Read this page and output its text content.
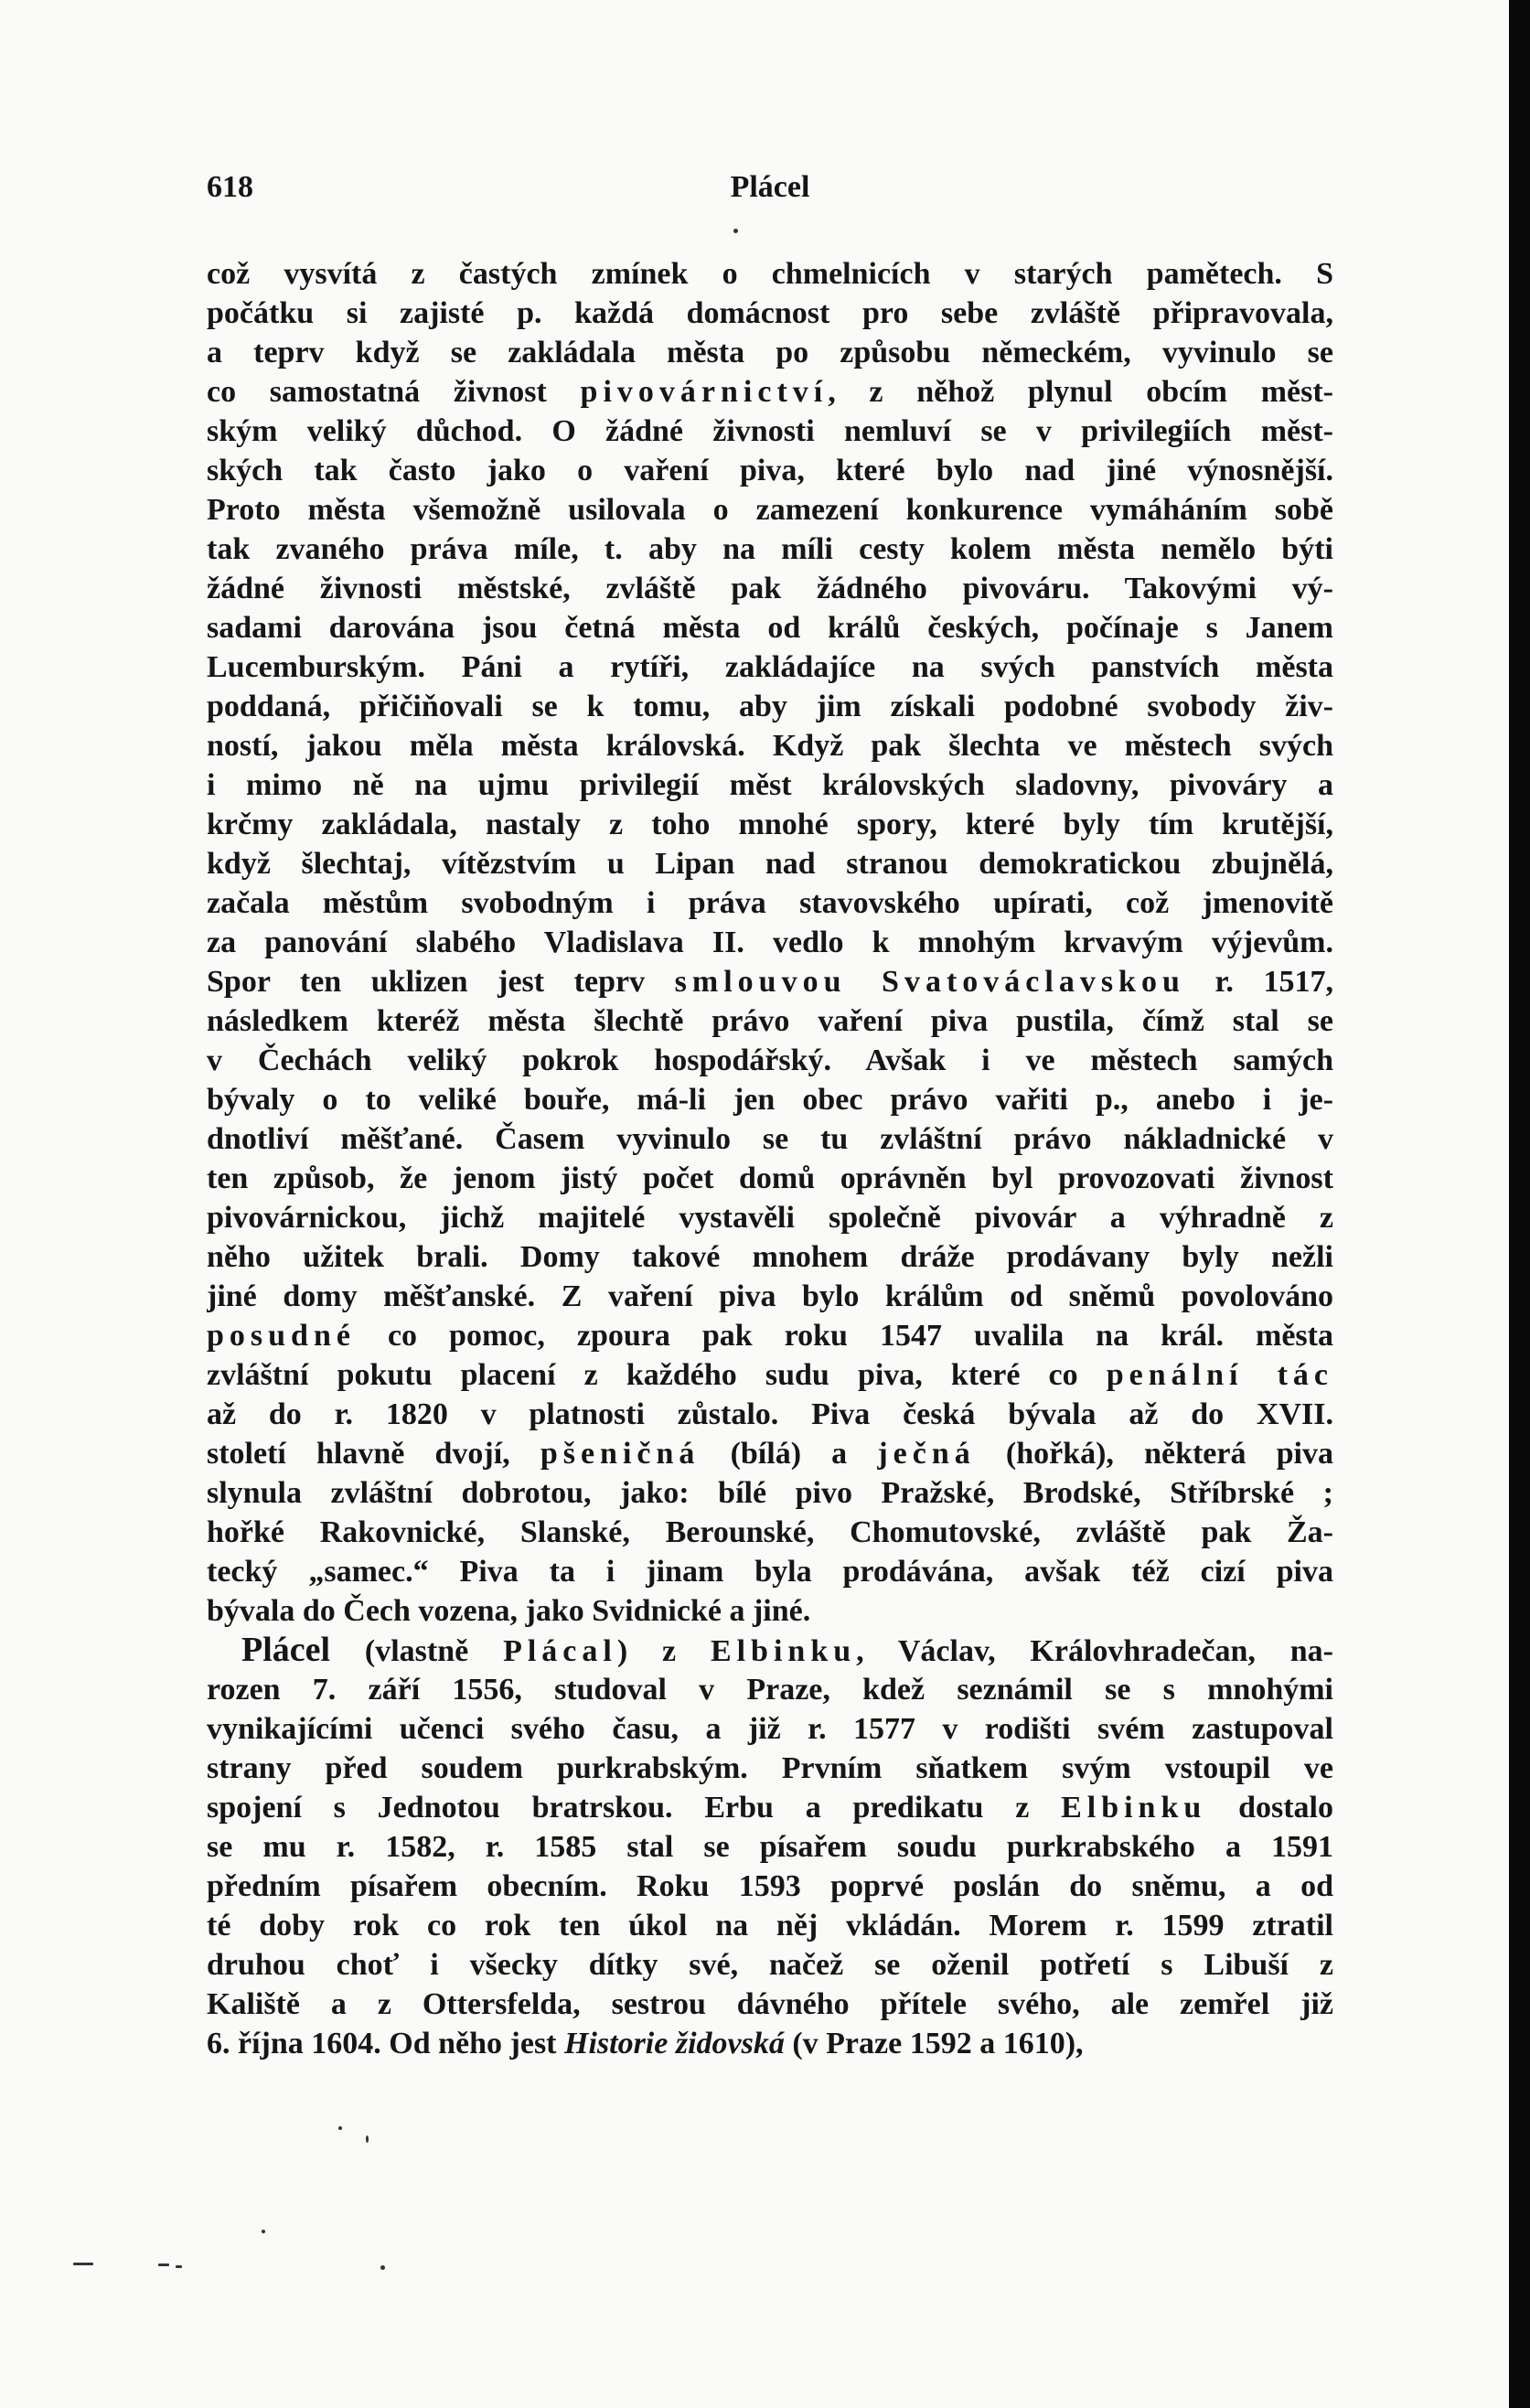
618	Plácel
což vysvítá z častých zmínek o chmelnicích v starých pamětech. S
počátku si zajisté p. každá domácnost pro sebe zvláště připravovala,
a teprv když se zakládala města po způsobu německém, vyvinulo se
co samostatná živnost pivovárnictví, z něhož plynul obcím měst-
ským veliký důchod. O žádné živnosti nemluví se v privilegiích měst-
ských tak často jako o vaření piva, které bylo nad jiné výnosnější.
Proto města všemožně usilovala o zamezení konkurence vymáháním sobě
tak zvaného práva míle, t. aby na míli cesty kolem města nemělo býti
žádné živnosti městské, zvláště pak žádného pivováru. Takovými vý-
sadami darována jsou četná města od králů českých, počínaje s Janem
Lucemburským. Páni a rytíři, zakládajíce na svých panstvích města
poddaná, přičiňovali se k tomu, aby jim získali podobné svobody živ-
ností, jakou měla města královská. Když pak šlechta ve městech svých
i mimo ně na ujmu privilegií měst královských sladovny, pivováry a
krčmy zakládala, nastaly z toho mnohé spory, které byly tím krutější,
když šlechtaj, vítězstvím u Lipan nad stranou demokratickou zbujnělá,
začala městům svobodným i práva stavovského upírati, což jmenovitě
za panování slabého Vladislava II. vedlo k mnohým krvavým výjevům.
Spor ten uklizen jest teprv smlouvou Svatováclavskou r. 1517,
následkem kteréž města šlechtě právo vaření piva pustila, čímž stal se
v Čechách veliký pokrok hospodářský. Avšak i ve městech samých
bývaly o to veliké bouře, má-li jen obec právo vařiti p., anebo i je-
dnotliví měšťané. Časem vyvinulo se tu zvláštní právo nákladnické v
ten způsob, že jenom jistý počet domů oprávněn byl provozovati živnost
pivovárnickou, jichž majitelé vystavěli společně pivovár a výhradně z
něho užitek brali. Domy takové mnohem dráže prodávany byly nežli
jiné domy měšťanské. Z vaření piva bylo králům od sněmů povolováno
posudné co pomoc, zpoura pak roku 1547 uvalila na král. města
zvláštní pokutu placení z každého sudu piva, které co penální tác
až do r. 1820 v platnosti zůstalo. Piva česká bývala až do XVII.
století hlavně dvojí, pšeničná (bílá) a ječná (hořká), některá piva
slynula zvláštní dobrotou, jako: bílé pivo Pražské, Brodské, Stříbrské ;
hořké Rakovnické, Slanské, Berounské, Chomutovské, zvláště pak Ža-
tecký „samec.“ Piva ta i jinam byla prodávána, avšak též cizí piva
bývala do Čech vozena, jako Svidnické a jiné.
Plácel (vlastně Plácal) z Elbinku, Václav, Královhradečan, na-
rozen 7. září 1556, studoval v Praze, kdež seznámil se s mnohými
vynikajícími učenci svého času, a již r. 1577 v rodišti svém zastupoval
strany před soudem purkrabským. Prvním sňatkem svým vstoupil ve
spojení s Jednotou bratrskou. Erbu a predikatu z Elbinku dostalo
se mu r. 1582, r. 1585 stal se písařem soudu purkrabského a 1591
předním písařem obecním. Roku 1593 poprvé poslán do sněmu, a od
té doby rok co rok ten úkol na něj vkládán. Morem r. 1599 ztratil
druhou choť i všecky dítky své, načež se oženil potřetí s Libuší z
Kaliště a z Ottersfelda, sestrou dávného přítele svého, ale zemřel již
6. října 1604. Od něho jest Historie židovská (v Praze 1592 a 1610),
